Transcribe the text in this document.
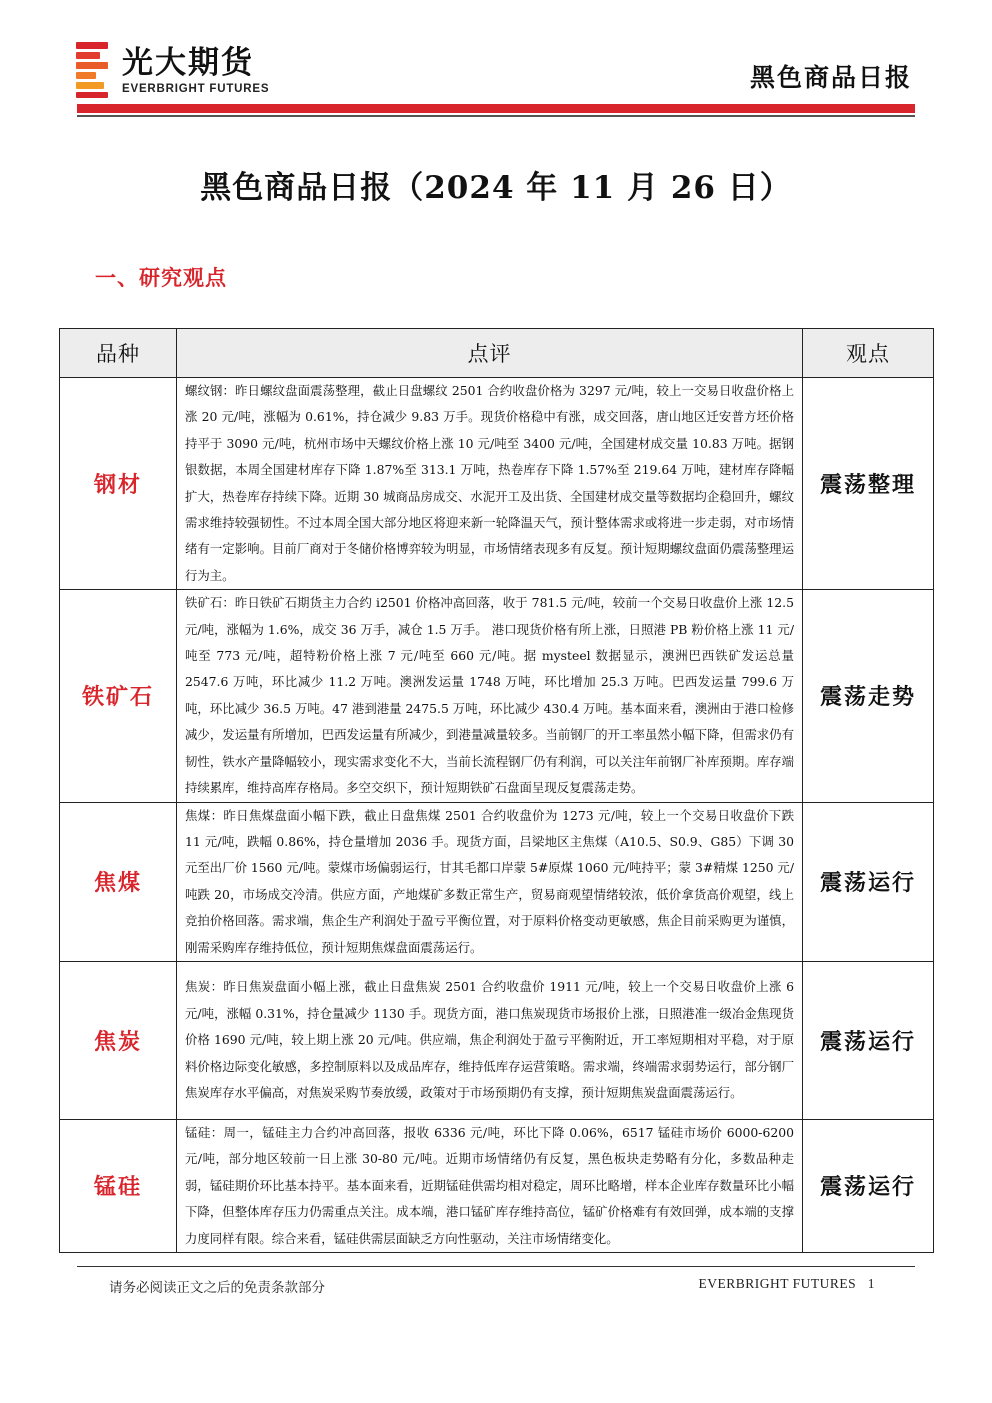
光大期货
EVERBRIGHT FUTURES	黑色商品日报
黑色商品日报（2024 年 11 月 26 日）
一、研究观点
品种	点评	观点
钢材	螺纹钢：昨日螺纹盘面震荡整理，截止日盘螺纹 2501 合约收盘价格为 3297 元/吨，较上一交易日收盘价格上涨 20 元/吨，涨幅为 0.61%，持仓减少 9.83 万手。现货价格稳中有涨，成交回落，唐山地区迁安普方坯价格持平于 3090 元/吨，杭州市场中天螺纹价格上涨 10 元/吨至 3400 元/吨，全国建材成交量 10.83 万吨。据钢银数据，本周全国建材库存下降 1.87%至 313.1 万吨，热卷库存下降 1.57%至 219.64 万吨，建材库存降幅扩大，热卷库存持续下降。近期 30 城商品房成交、水泥开工及出货、全国建材成交量等数据均企稳回升，螺纹需求维持较强韧性。不过本周全国大部分地区将迎来新一轮降温天气，预计整体需求或将进一步走弱，对市场情绪有一定影响。目前厂商对于冬储价格博弈较为明显，市场情绪表现多有反复。预计短期螺纹盘面仍震荡整理运行为主。	震荡整理
铁矿石	铁矿石：昨日铁矿石期货主力合约 i2501 价格冲高回落，收于 781.5 元/吨，较前一个交易日收盘价上涨 12.5 元/吨，涨幅为 1.6%，成交 36 万手，减仓 1.5 万手。 港口现货价格有所上涨，日照港 PB 粉价格上涨 11 元/吨至 773 元/吨，超特粉价格上涨 7 元/吨至 660 元/吨。据 mysteel 数据显示，澳洲巴西铁矿发运总量 2547.6 万吨，环比减少 11.2 万吨。澳洲发运量 1748 万吨，环比增加 25.3 万吨。巴西发运量 799.6 万吨，环比减少 36.5 万吨。47 港到港量 2475.5 万吨，环比减少 430.4 万吨。基本面来看，澳洲由于港口检修减少，发运量有所增加，巴西发运量有所减少，到港量减量较多。当前钢厂的开工率虽然小幅下降，但需求仍有韧性，铁水产量降幅较小，现实需求变化不大，当前长流程钢厂仍有利润，可以关注年前钢厂补库预期。库存端持续累库，维持高库存格局。多空交织下，预计短期铁矿石盘面呈现反复震荡走势。	震荡走势
焦煤	焦煤：昨日焦煤盘面小幅下跌，截止日盘焦煤 2501 合约收盘价为 1273 元/吨，较上一个交易日收盘价下跌 11 元/吨，跌幅 0.86%，持仓量增加 2036 手。现货方面，吕梁地区主焦煤（A10.5、S0.9、G85）下调 30 元至出厂价 1560 元/吨。蒙煤市场偏弱运行，甘其毛都口岸蒙 5#原煤 1060 元/吨持平；蒙 3#精煤 1250 元/吨跌 20，市场成交冷清。供应方面，产地煤矿多数正常生产，贸易商观望情绪较浓，低价拿货高价观望，线上竞拍价格回落。需求端，焦企生产利润处于盈亏平衡位置，对于原料价格变动更敏感，焦企目前采购更为谨慎，刚需采购库存维持低位，预计短期焦煤盘面震荡运行。	震荡运行
焦炭	焦炭：昨日焦炭盘面小幅上涨，截止日盘焦炭 2501 合约收盘价 1911 元/吨，较上一个交易日收盘价上涨 6 元/吨，涨幅 0.31%，持仓量减少 1130 手。现货方面，港口焦炭现货市场报价上涨，日照港准一级冶金焦现货价格 1690 元/吨，较上期上涨 20 元/吨。供应端，焦企利润处于盈亏平衡附近，开工率短期相对平稳，对于原料价格边际变化敏感，多控制原料以及成品库存，维持低库存运营策略。需求端，终端需求弱势运行，部分钢厂焦炭库存水平偏高，对焦炭采购节奏放缓，政策对于市场预期仍有支撑，预计短期焦炭盘面震荡运行。	震荡运行
锰硅	锰硅：周一，锰硅主力合约冲高回落，报收 6336 元/吨，环比下降 0.06%，6517 锰硅市场价 6000-6200 元/吨，部分地区较前一日上涨 30-80 元/吨。近期市场情绪仍有反复，黑色板块走势略有分化，多数品种走弱，锰硅期价环比基本持平。基本面来看，近期锰硅供需均相对稳定，周环比略增，样本企业库存数量环比小幅下降，但整体库存压力仍需重点关注。成本端，港口锰矿库存维持高位，锰矿价格难有有效回弹，成本端的支撑力度同样有限。综合来看，锰硅供需层面缺乏方向性驱动，关注市场情绪变化。	震荡运行
请务必阅读正文之后的免责条款部分	EVERBRIGHT FUTURES 1
